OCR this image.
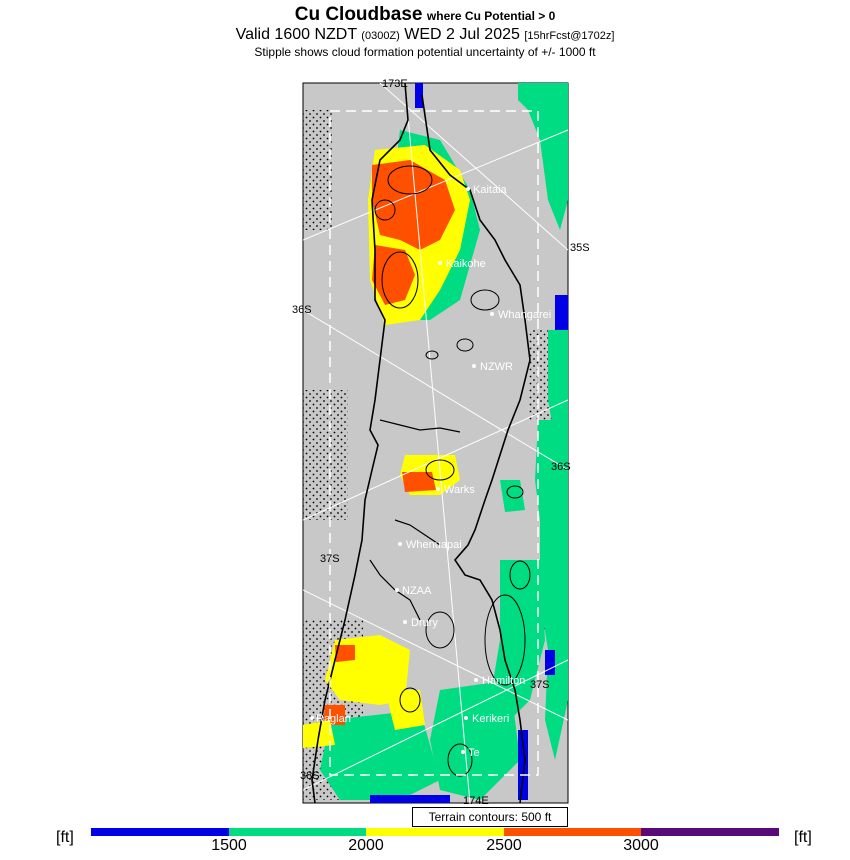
Cu Cloudbase where Cu Potential > 0
Valid 1600 NZDT (0300Z) WED 2 Jul 2025 [15hrFcst@1702z]
Stipple shows cloud formation potential uncertainty of +/- 1000 ft
173E
174E
35S
36S
36S
37S
37S
38S
Kaitaia
Kaikohe
Whangarei
NZWR
Warks
Whenuapai
NZAA
Drury
Hamilton
Kerikeri
Raglan
Te
Terrain contours: 500 ft
[ft]	1500	2000	2500	3000	[ft]
